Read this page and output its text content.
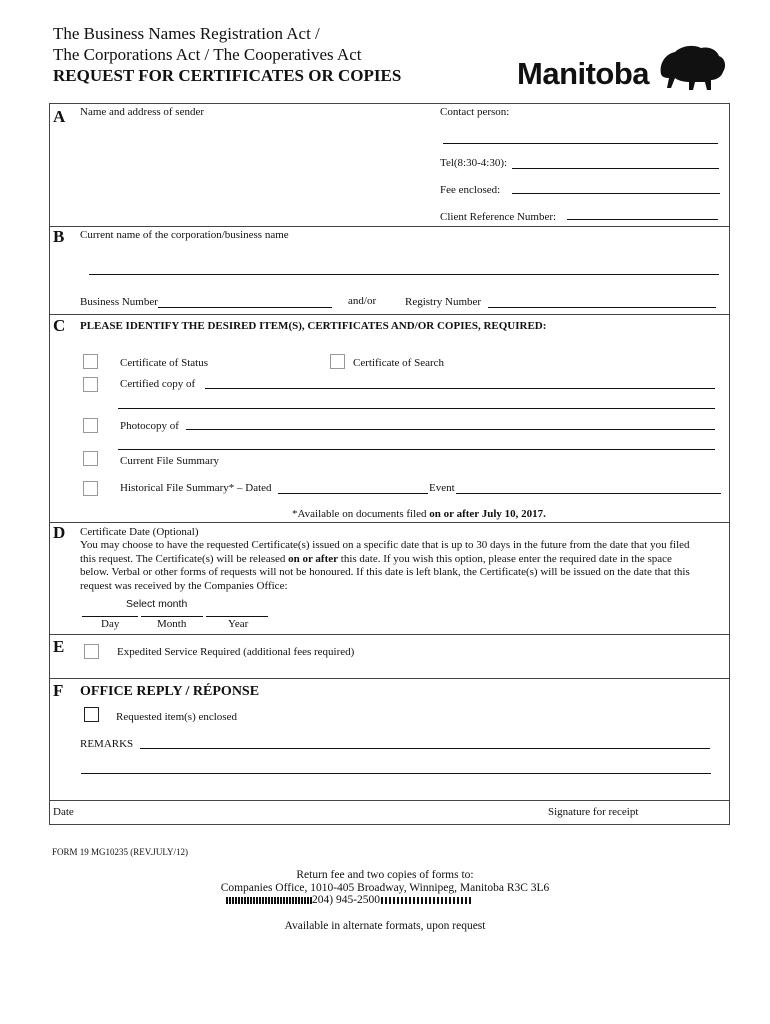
The Business Names Registration Act /
The Corporations Act / The Cooperatives Act
REQUEST FOR CERTIFICATES OR COPIES	Manitoba
A Name and address of sender	Contact person:
Tel(8:30-4:30):
Fee enclosed:
Client Reference Number:
B Current name of the corporation/business name
Business Number	and/or	Registry Number
C PLEASE IDENTIFY THE DESIRED ITEM(S), CERTIFICATES AND/OR COPIES, REQUIRED:
Certificate of Status	Certificate of Search
Certified copy of
Photocopy of
Current File Summary
Historical File Summary* – Dated	Event
*Available on documents filed on or after July 10, 2017.
D Certificate Date (Optional)
You may choose to have the requested Certificate(s) issued on a specific date that is up to 30 days in the future from the date that you filed
this request. The Certificate(s) will be released on or after this date. If you wish this option, please enter the required date in the space
below. Verbal or other forms of requests will not be honoured. If this date is left blank, the Certificate(s) will be issued on the date that this
request was received by the Companies Office:
Select month
Day	Month	Year
E	Expedited Service Required (additional fees required)
F OFFICE REPLY / RÉPONSE
Requested item(s) enclosed
REMARKS
Date	Signature for receipt
FORM 19 MG10235 (REV.JULY/12)
Return fee and two copies of forms to:
Companies Office, 1010-405 Broadway, Winnipeg, Manitoba R3C 3L6
204) 945-2500
Available in alternate formats, upon request
